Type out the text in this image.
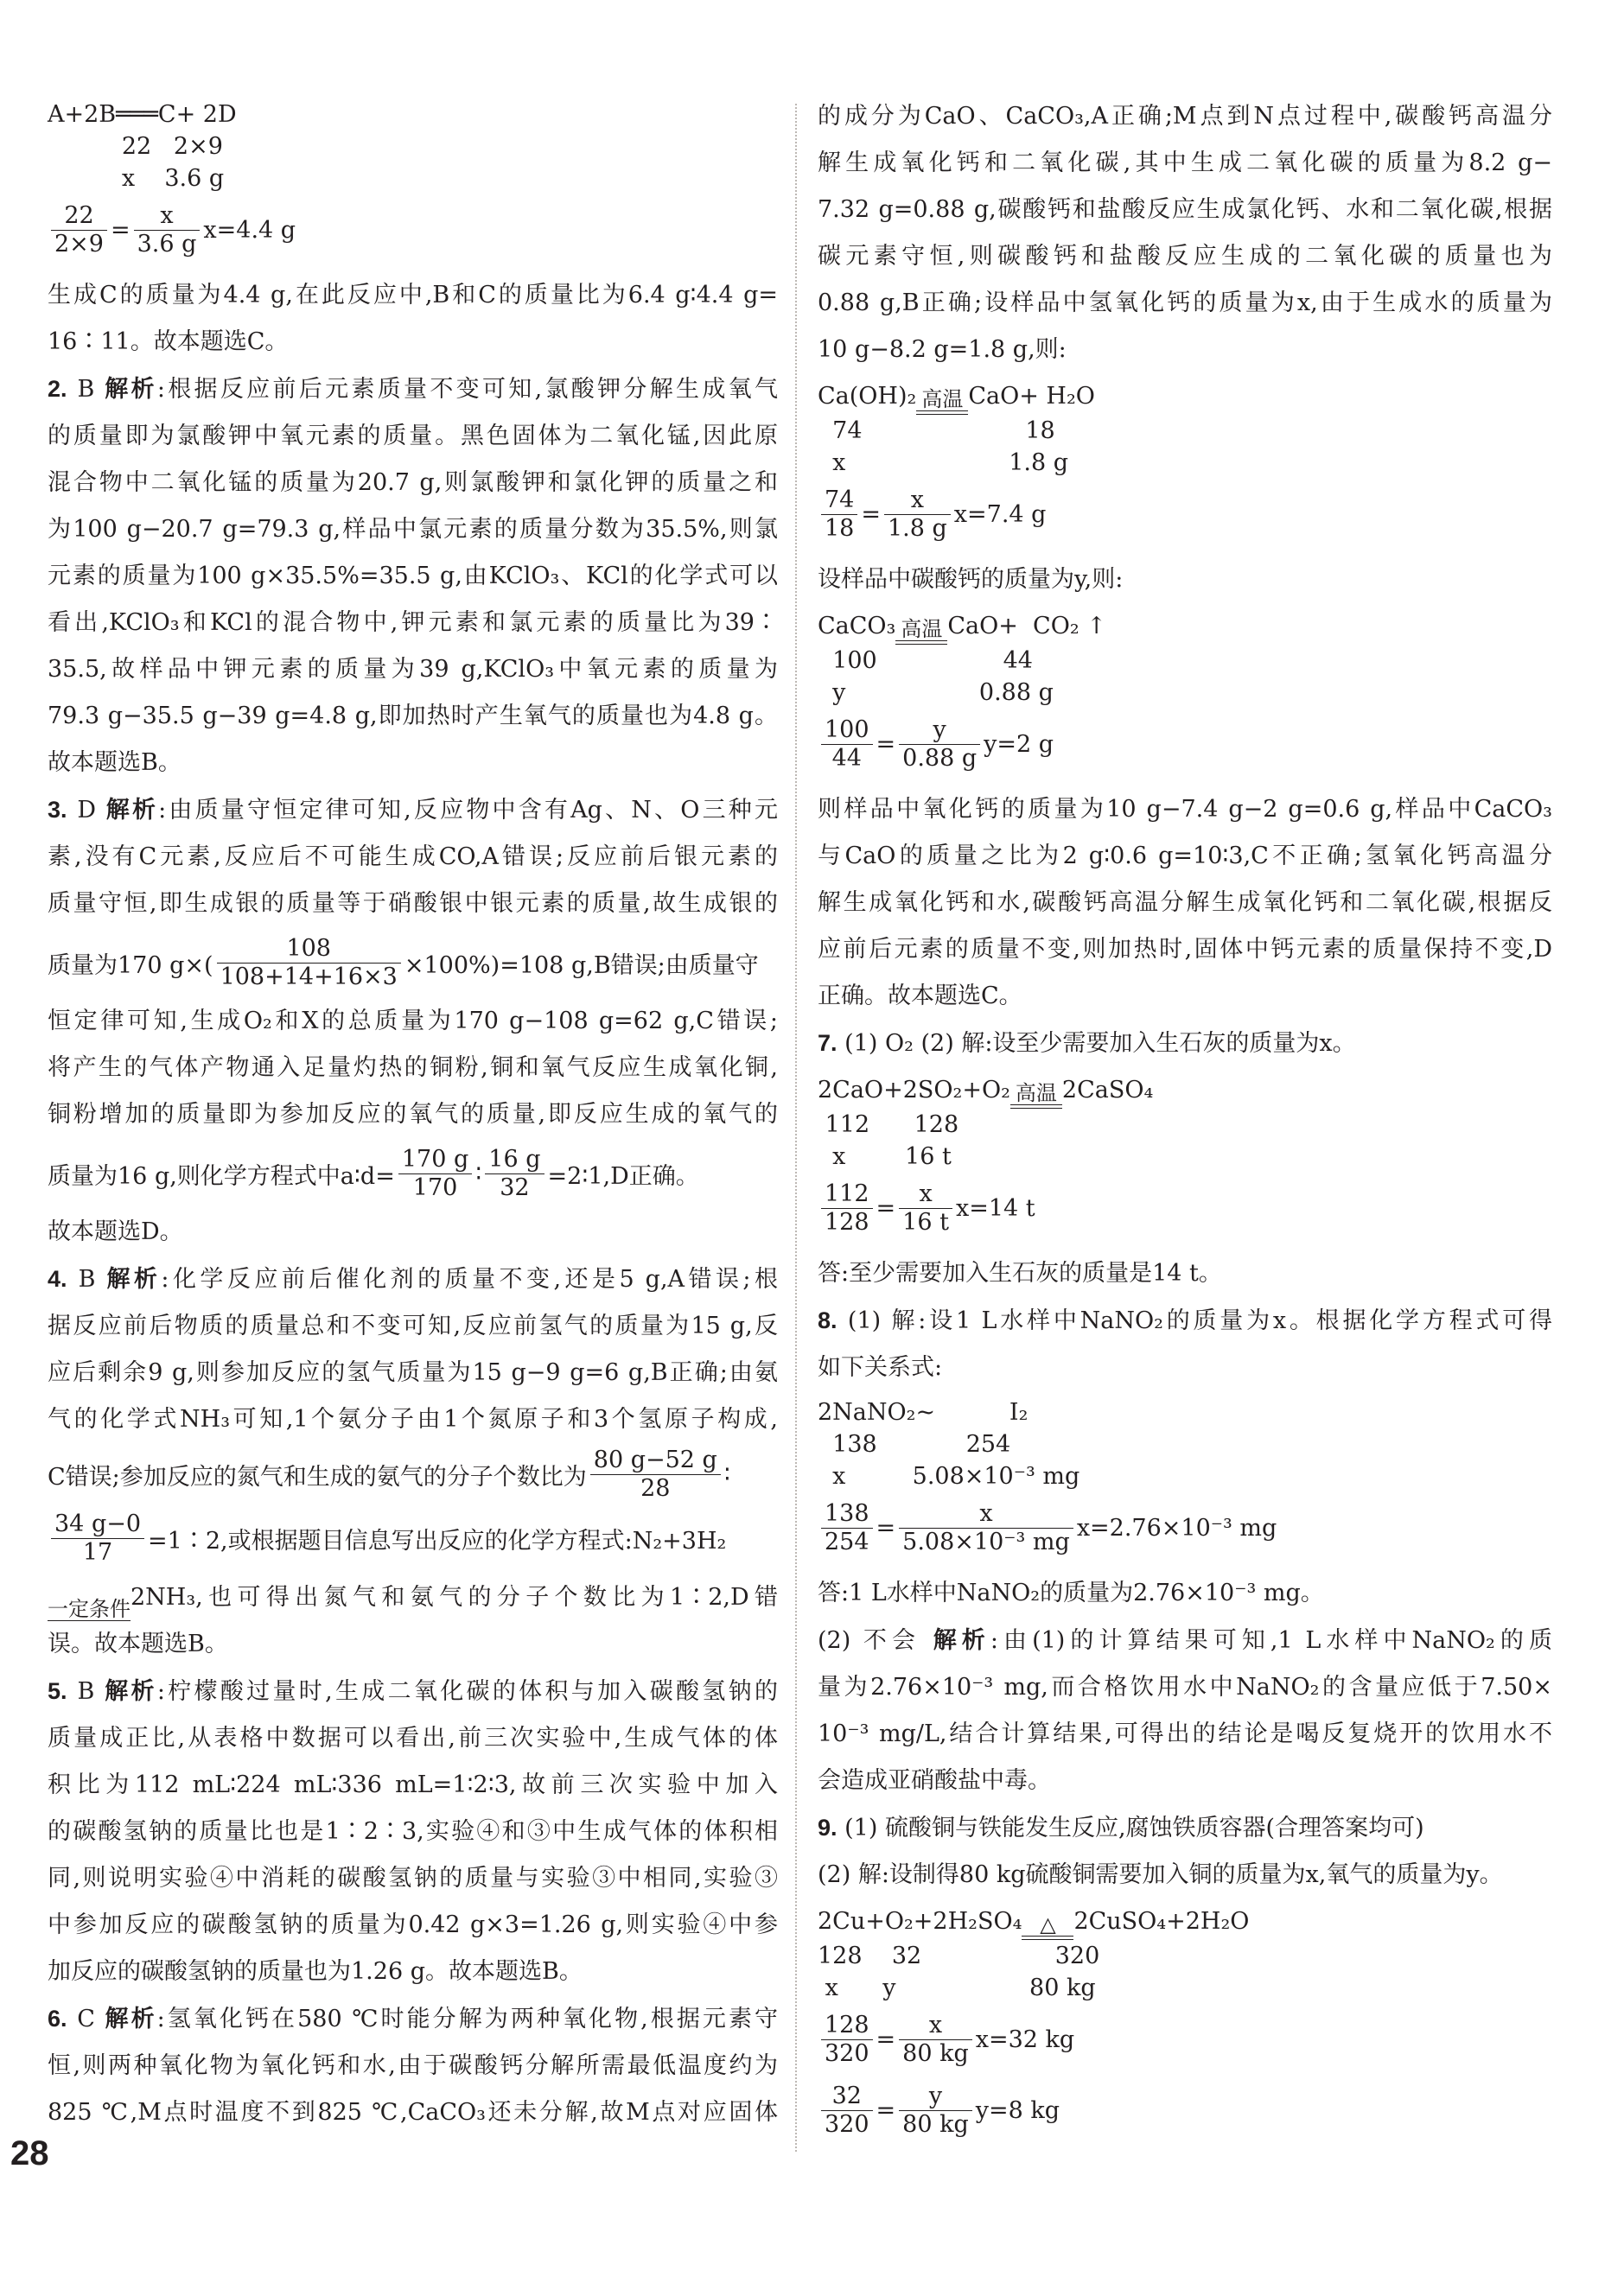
A+2B═══C+ 2D
22   2×9
x    3.6 g
$\frac{22}{2\times 9} = \frac{x}{3.6 g} x=4.4$ g
生成C的质量为4.4 g,在此反应中,B和C的质量比为6.4 g∶4.4 g=
16∶11。故本题选C。
2. B 解析:根据反应前后元素质量不变可知,氯酸钾分解生成氧气
的质量即为氯酸钾中氧元素的质量。黑色固体为二氧化锰,因此原
混合物中二氧化锰的质量为20.7 g,则氯酸钾和氯化钾的质量之和
为100 g−20.7 g=79.3 g,样品中氯元素的质量分数为35.5%,则氯
元素的质量为100 g×35.5%=35.5 g,由KClO₃、KCl的化学式可以
看出,KClO₃和KCl的混合物中,钾元素和氯元素的质量比为39∶
35.5,故样品中钾元素的质量为39 g,KClO₃中氧元素的质量为
79.3 g−35.5 g−39 g=4.8 g,即加热时产生氧气的质量也为4.8 g。
故本题选B。
3. D 解析:由质量守恒定律可知,反应物中含有Ag、N、O三种元
素,没有C元素,反应后不可能生成CO,A错误;反应前后银元素的
质量守恒,即生成银的质量等于硝酸银中银元素的质量,故生成银的
质量为170 $g\times( \frac{108}{108+14+16\times 3} \times 100\%)=108$ g,B错误;由质量守
恒定律可知,生成O₂和X的总质量为170 g−108 g=62 g,C错误;
将产生的气体产物通入足量灼热的铜粉,铜和氧气反应生成氧化铜,
铜粉增加的质量即为参加反应的氧气的质量,即反应生成的氧气的
质量为16 g,则化学方程式中a∶d= $\frac{170 g}{170}$ ∶ $\frac{16 g}{32}$ =2∶1,D正确。
故本题选D。
4. B 解析:化学反应前后催化剂的质量不变,还是5 g,A错误;根
据反应前后物质的质量总和不变可知,反应前氢气的质量为15 g,反
应后剩余9 g,则参加反应的氢气质量为15 g−9 g=6 g,B正确;由氨
气的化学式NH₃可知,1个氨分子由1个氮原子和3个氢原子构成,
C错误;参加反应的氮气和生成的氨气的分子个数比为 $\frac{80 g-52 g}{28}$ ∶
$\frac{34 g-0}{17}$ =1∶2,或根据题目信息写出反应的化学方程式:N₂+3H₂
一定条件 2NH₃,也可得出氮气和氨气的分子个数比为1∶2,D错
误。故本题选B。
5. B 解析:柠檬酸过量时,生成二氧化碳的体积与加入碳酸氢钠的
质量成正比,从表格中数据可以看出,前三次实验中,生成气体的体
积比为112 mL∶224 mL∶336 mL=1∶2∶3,故前三次实验中加入
的碳酸氢钠的质量比也是1∶2∶3,实验④和③中生成气体的体积相
同,则说明实验④中消耗的碳酸氢钠的质量与实验③中相同,实验③
中参加反应的碳酸氢钠的质量为0.42 g×3=1.26 g,则实验④中参
加反应的碳酸氢钠的质量也为1.26 g。故本题选B。
6. C 解析:氢氧化钙在580 ℃时能分解为两种氧化物,根据元素守
恒,则两种氧化物为氧化钙和水,由于碳酸钙分解所需最低温度约为
825 ℃,M点时温度不到825 ℃,CaCO₃还未分解,故M点对应固体
的成分为CaO、CaCO₃,A正确;M点到N点过程中,碳酸钙高温分
解生成氧化钙和二氧化碳,其中生成二氧化碳的质量为8.2 g−
7.32 g=0.88 g,碳酸钙和盐酸反应生成氯化钙、水和二氧化碳,根据
碳元素守恒,则碳酸钙和盐酸反应生成的二氧化碳的质量也为
0.88 g,B正确;设样品中氢氧化钙的质量为x,由于生成水的质量为
10 g−8.2 g=1.8 g,则:
Ca(OH)₂ 高温 CaO+ H₂O
74                      18
x                      1.8 g
$\frac{74}{18} = \frac{x}{1.8 g} x=7.4$ g
设样品中碳酸钙的质量为y,则:
CaCO₃ 高温 CaO+  CO₂ ↑
100                 44
y                  0.88 g
$\frac{100}{44} = \frac{y}{0.88 g} y=2$ g
则样品中氧化钙的质量为10 g−7.4 g−2 g=0.6 g,样品中CaCO₃
与CaO的质量之比为2 g∶0.6 g=10∶3,C不正确;氢氧化钙高温分
解生成氧化钙和水,碳酸钙高温分解生成氧化钙和二氧化碳,根据反
应前后元素的质量不变,则加热时,固体中钙元素的质量保持不变,D
正确。故本题选C。
7. (1) O₂ (2) 解:设至少需要加入生石灰的质量为x。
2CaO+2SO₂+O₂ 高温 2CaSO₄
112      128
x        16 t
$\frac{112}{128} = \frac{x}{16 t} x=14$ t
答:至少需要加入生石灰的质量是14 t。
8. (1) 解:设1 L水样中NaNO₂的质量为x。根据化学方程式可得
如下关系式:
2NaNO₂~          I₂
138            254
x         5.08×10⁻³ mg
$\frac{138}{254} = \frac{x}{\text{5.08×10⁻³ mg}} x=2.76\times 10^{-3}$ mg
答:1 L水样中NaNO₂的质量为2.76×10⁻³ mg。
(2) 不会 解析:由(1)的计算结果可知,1 L水样中NaNO₂的质
量为2.76×10⁻³ mg,而合格饮用水中NaNO₂的含量应低于7.50×
10⁻³ mg/L,结合计算结果,可得出的结论是喝反复烧开的饮用水不
会造成亚硝酸盐中毒。
9. (1) 硫酸铜与铁能发生反应,腐蚀铁质容器(合理答案均可)
(2) 解:设制得80 kg硫酸铜需要加入铜的质量为x,氧气的质量为y。
2Cu+O₂+2H₂SO₄ △ 2CuSO₄+2H₂O
128    32                  320
x      y                  80 kg
$\frac{128}{320} = \frac{x}{80 kg} x=32$ kg
$\frac{32}{320} = \frac{y}{80 kg} y=8$ kg
28
